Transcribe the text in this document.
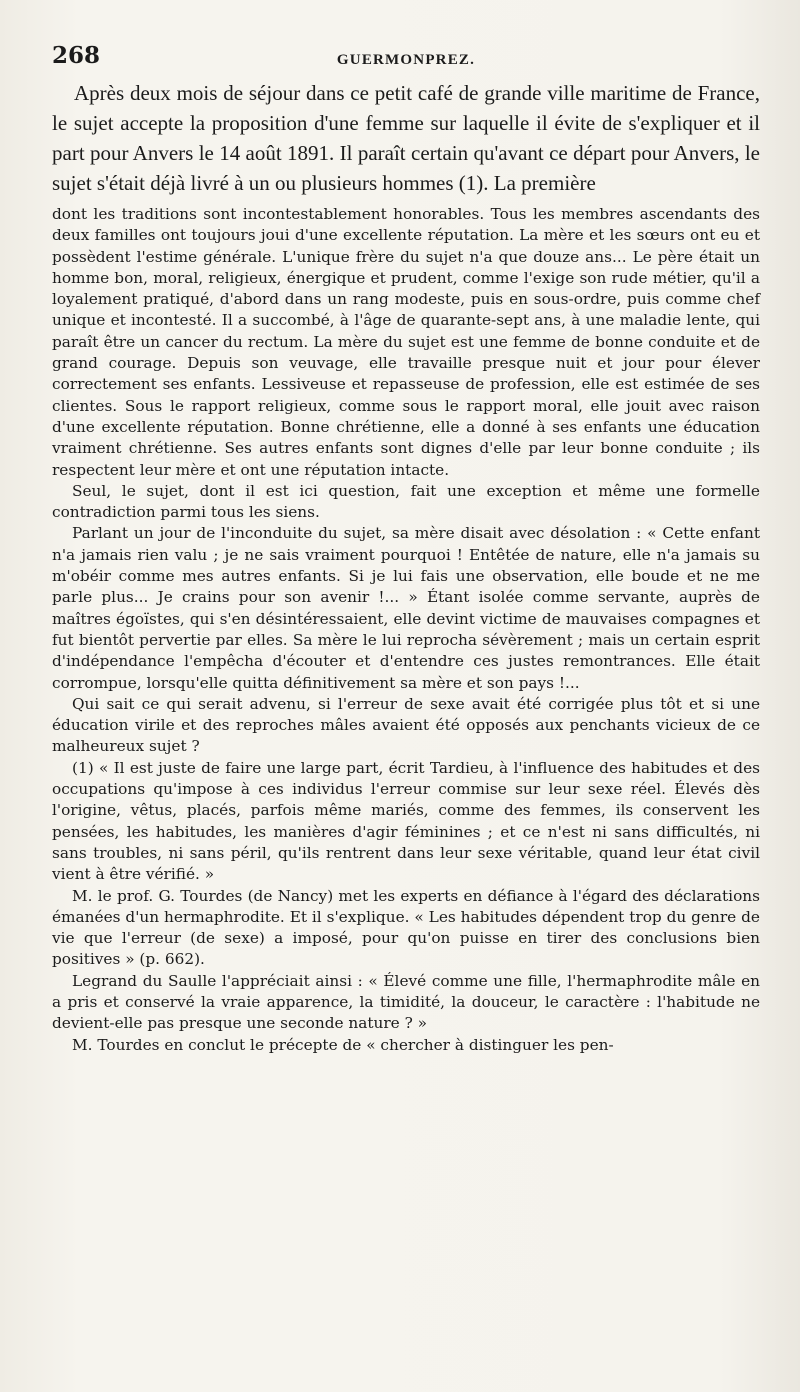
268	GUERMONPREZ.

Après deux mois de séjour dans ce petit café de grande ville maritime de France, le sujet accepte la proposition d'une femme sur laquelle il évite de s'expliquer et il part pour Anvers le 14 août 1891. Il paraît certain qu'avant ce départ pour Anvers, le sujet s'était déjà livré à un ou plusieurs hommes (1). La première

dont les traditions sont incontestablement honorables. Tous les membres ascendants des deux familles ont toujours joui d'une excellente réputation. La mère et les sœurs ont eu et possèdent l'estime générale. L'unique frère du sujet n'a que douze ans... Le père était un homme bon, moral, religieux, énergique et prudent, comme l'exige son rude métier, qu'il a loyalement pratiqué, d'abord dans un rang modeste, puis en sous-ordre, puis comme chef unique et incontesté. Il a succombé, à l'âge de quarante-sept ans, à une maladie lente, qui paraît être un cancer du rectum. La mère du sujet est une femme de bonne conduite et de grand courage. Depuis son veuvage, elle travaille presque nuit et jour pour élever correctement ses enfants. Lessiveuse et repasseuse de profession, elle est estimée de ses clientes. Sous le rapport religieux, comme sous le rapport moral, elle jouit avec raison d'une excellente réputation. Bonne chrétienne, elle a donné à ses enfants une éducation vraiment chrétienne. Ses autres enfants sont dignes d'elle par leur bonne conduite ; ils respectent leur mère et ont une réputation intacte.

Seul, le sujet, dont il est ici question, fait une exception et même une formelle contradiction parmi tous les siens.

Parlant un jour de l'inconduite du sujet, sa mère disait avec désolation : « Cette enfant n'a jamais rien valu ; je ne sais vraiment pourquoi ! Entêtée de nature, elle n'a jamais su m'obéir comme mes autres enfants. Si je lui fais une observation, elle boude et ne me parle plus... Je crains pour son avenir !... » Étant isolée comme servante, auprès de maîtres égoïstes, qui s'en désintéressaient, elle devint victime de mauvaises compagnes et fut bientôt pervertie par elles. Sa mère le lui reprocha sévèrement ; mais un certain esprit d'indépendance l'empêcha d'écouter et d'entendre ces justes remontrances. Elle était corrompue, lorsqu'elle quitta définitivement sa mère et son pays !...

Qui sait ce qui serait advenu, si l'erreur de sexe avait été corrigée plus tôt et si une éducation virile et des reproches mâles avaient été opposés aux penchants vicieux de ce malheureux sujet ?

(1) « Il est juste de faire une large part, écrit Tardieu, à l'influence des habitudes et des occupations qu'impose à ces individus l'erreur commise sur leur sexe réel. Élevés dès l'origine, vêtus, placés, parfois même mariés, comme des femmes, ils conservent les pensées, les habitudes, les manières d'agir féminines ; et ce n'est ni sans difficultés, ni sans troubles, ni sans péril, qu'ils rentrent dans leur sexe véritable, quand leur état civil vient à être vérifié. »

M. le prof. G. Tourdes (de Nancy) met les experts en défiance à l'égard des déclarations émanées d'un hermaphrodite. Et il s'explique. « Les habitudes dépendent trop du genre de vie que l'erreur (de sexe) a imposé, pour qu'on puisse en tirer des conclusions bien positives » (p. 662).

Legrand du Saulle l'appréciait ainsi : « Élevé comme une fille, l'hermaphrodite mâle en a pris et conservé la vraie apparence, la timidité, la douceur, le caractère : l'habitude ne devient-elle pas presque une seconde nature ? »

M. Tourdes en conclut le précepte de « chercher à distinguer les pen-
